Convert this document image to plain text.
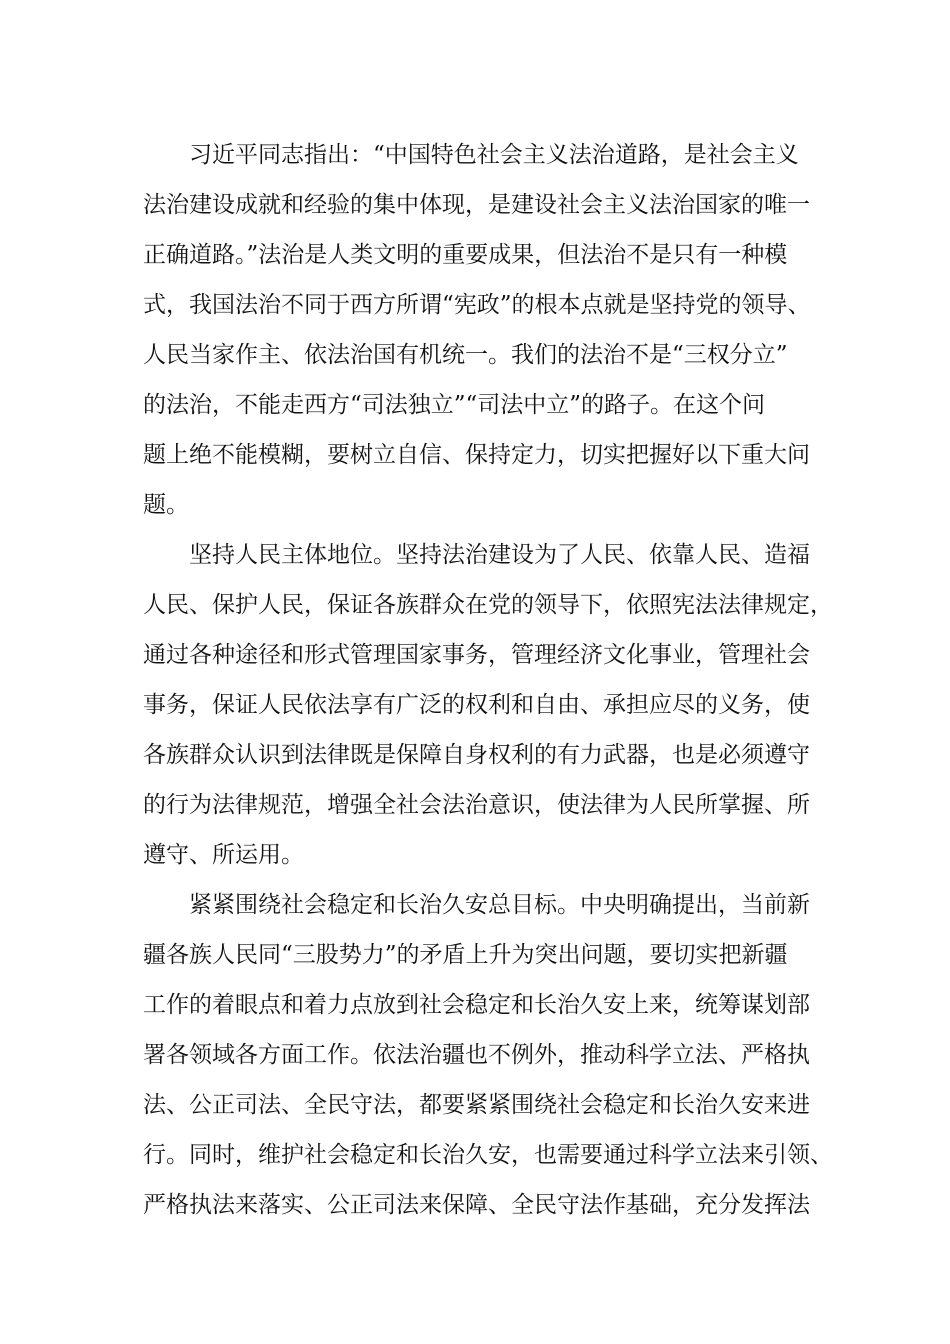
习近平同志指出：“中国特色社会主义法治道路，是社会主义
法治建设成就和经验的集中体现，是建设社会主义法治国家的唯一
正确道路。”法治是人类文明的重要成果，但法治不是只有一种模
式，我国法治不同于西方所谓“宪政”的根本点就是坚持党的领导、
人民当家作主、依法治国有机统一。我们的法治不是“三权分立”
的法治，不能走西方“司法独立”“司法中立”的路子。在这个问
题上绝不能模糊，要树立自信、保持定力，切实把握好以下重大问
题。
坚持人民主体地位。坚持法治建设为了人民、依靠人民、造福
人民、保护人民，保证各族群众在党的领导下，依照宪法法律规定，
通过各种途径和形式管理国家事务，管理经济文化事业，管理社会
事务，保证人民依法享有广泛的权利和自由、承担应尽的义务，使
各族群众认识到法律既是保障自身权利的有力武器，也是必须遵守
的行为法律规范，增强全社会法治意识，使法律为人民所掌握、所
遵守、所运用。
紧紧围绕社会稳定和长治久安总目标。中央明确提出，当前新
疆各族人民同“三股势力”的矛盾上升为突出问题，要切实把新疆
工作的着眼点和着力点放到社会稳定和长治久安上来，统筹谋划部
署各领域各方面工作。依法治疆也不例外，推动科学立法、严格执
法、公正司法、全民守法，都要紧紧围绕社会稳定和长治久安来进
行。同时，维护社会稳定和长治久安，也需要通过科学立法来引领、
严格执法来落实、公正司法来保障、全民守法作基础，充分发挥法
